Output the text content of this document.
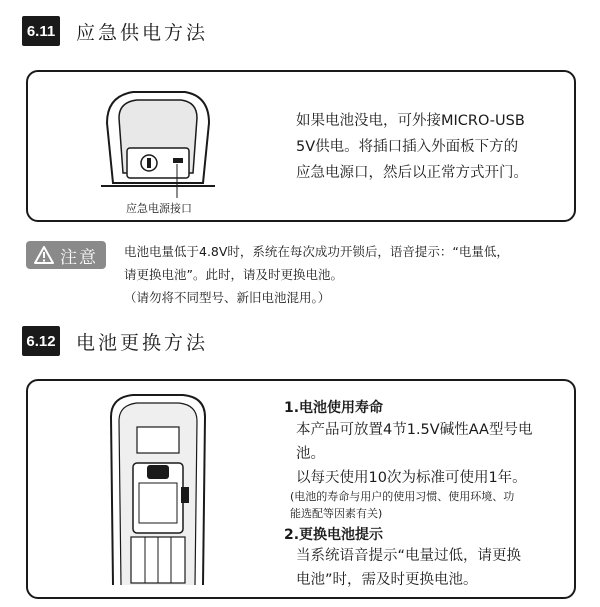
6.11 应急供电方法
应急电源接口
如果电池没电，可外接MICRO-USB
5V供电。将插口插入外面板下方的
应急电源口，然后以正常方式开门。
注意 电池电量低于4.8V时，系统在每次成功开锁后，语音提示：“电量低，
请更换电池”。此时，请及时更换电池。
（请勿将不同型号、新旧电池混用。）
6.12 电池更换方法
1.电池使用寿命
本产品可放置4节1.5V碱性AA型号电
池。
以每天使用10次为标准可使用1年。
(电池的寿命与用户的使用习惯、使用环境、功
能选配等因素有关)
2.更换电池提示
当系统语音提示“电量过低，请更换
电池”时，需及时更换电池。
